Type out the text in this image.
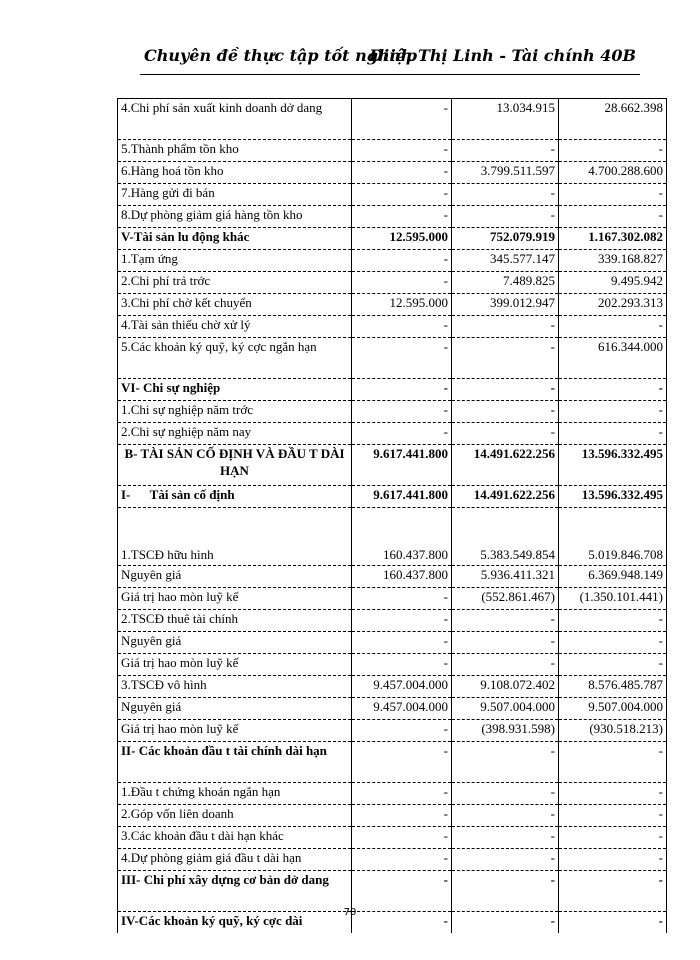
Chuyên đề thực tập tốt nghiệp
Đinh Thị Linh - Tài chính 40B
4.Chi phí sản xuất kinh doanh dở dang	-	13.034.915	28.662.398
5.Thành phẩm tồn kho	-	-	-
6.Hàng hoá tồn kho	-	3.799.511.597	4.700.288.600
7.Hàng gửi đi bán	-	-	-
8.Dự phòng giảm giá hàng tồn kho	-	-	-
V-Tài sản lu động khác	12.595.000	752.079.919	1.167.302.082
1.Tạm ứng	-	345.577.147	339.168.827
2.Chi phí trả trớc	-	7.489.825	9.495.942
3.Chi phí chờ kết chuyển	12.595.000	399.012.947	202.293.313
4.Tài sản thiếu chờ xử lý	-	-	-
5.Các khoản ký quỹ, ký cợc ngắn hạn	-	-	616.344.000
VI- Chi sự nghiệp	-	-	-
1.Chi sự nghiệp năm trớc	-	-	-
2.Chi sự nghiệp năm nay	-	-	-
B- TÀI SẢN CỐ ĐỊNH VÀ ĐẦU T DÀI HẠN	9.617.441.800	14.491.622.256	13.596.332.495
I-      Tài sản cố định	9.617.441.800	14.491.622.256	13.596.332.495
1.TSCĐ hữu hình	160.437.800	5.383.549.854	5.019.846.708
Nguyên giá	160.437.800	5.936.411.321	6.369.948.149
Giá trị hao mòn luỹ kế	-	(552.861.467)	(1.350.101.441)
2.TSCĐ thuê tài chính	-	-	-
Nguyên giá	-	-	-
Giá trị hao mòn luỹ kế	-	-	-
3.TSCĐ vô hình	9.457.004.000	9.108.072.402	8.576.485.787
Nguyên giá	9.457.004.000	9.507.004.000	9.507.004.000
Giá trị hao mòn luỹ kế	-	(398.931.598)	(930.518.213)
II- Các khoản đầu t tài chính dài hạn	-	-	-
1.Đầu t chứng khoán ngắn hạn	-	-	-
2.Góp vốn liên doanh	-	-	-
3.Các khoản đầu t dài hạn khác	-	-	-
4.Dự phòng giảm giá đầu t dài hạn	-	-	-
III- Chi phí xây dựng cơ bản dở dang	-	-	-
IV-Các khoản ký quỹ, ký cợc dài	-	-	-
70
